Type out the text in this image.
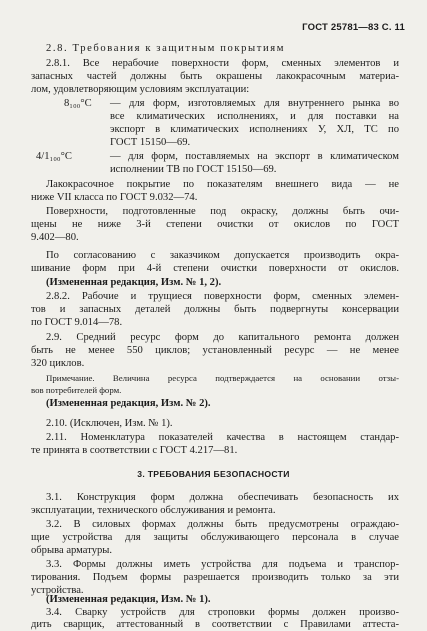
ГОСТ 25781—83 С. 11
2.8. Требования к защитным покрытиям
2.8.1. Все нерабочие поверхности форм, сменных элементов и
запасных частей должны быть окрашены лакокрасочным материа-
лом, удовлетворяющим условиям эксплуатации:
8₁₀₀°С	— для форм, изготовляемых для внутреннего рынка во
все климатических исполнениях, и для поставки на
экспорт в климатических исполнениях У, ХЛ, ТС по
ГОСТ 15150—69.
4/1₁₀₀°С	— для форм, поставляемых на экспорт в климатическом
исполнении ТВ по ГОСТ 15150—69.
Лакокрасочное покрытие по показателям внешнего вида — не
ниже VII класса по ГОСТ 9.032—74.
Поверхности, подготовленные под окраску, должны быть очи-
щены не ниже 3-й степени очистки от окислов по ГОСТ
9.402—80.
По согласованию с заказчиком допускается производить окра-
шивание форм при 4-й степени очистки поверхности от окислов.
(Измененная редакция, Изм. № 1, 2).
2.8.2. Рабочие и трущиеся поверхности форм, сменных элемен-
тов и запасных деталей должны быть подвергнуты консервации
по ГОСТ 9.014—78.
2.9. Средний ресурс форм до капитального ремонта должен
быть не менее 550 циклов; установленный ресурс — не менее
320 циклов.
Примечание. Величина ресурса подтверждается на основании отзы-
вов потребителей форм.
(Измененная редакция, Изм. № 2).
2.10. (Исключен, Изм. № 1).
2.11. Номенклатура показателей качества в настоящем стандар-
те принята в соответствии с ГОСТ 4.217—81.
3. ТРЕБОВАНИЯ БЕЗОПАСНОСТИ
3.1. Конструкция форм должна обеспечивать безопасность их
эксплуатации, технического обслуживания и ремонта.
3.2. В силовых формах должны быть предусмотрены ограждаю-
щие устройства для защиты обслуживающего персонала в случае
обрыва арматуры.
3.3. Формы должны иметь устройства для подъема и транспор-
тирования. Подъем формы разрешается производить только за эти
устройства.
(Измененная редакция, Изм. № 1).
3.4. Сварку устройств для строповки формы должен произво-
дить сварщик, аттестованный в соответствии с Правилами аттеста-
